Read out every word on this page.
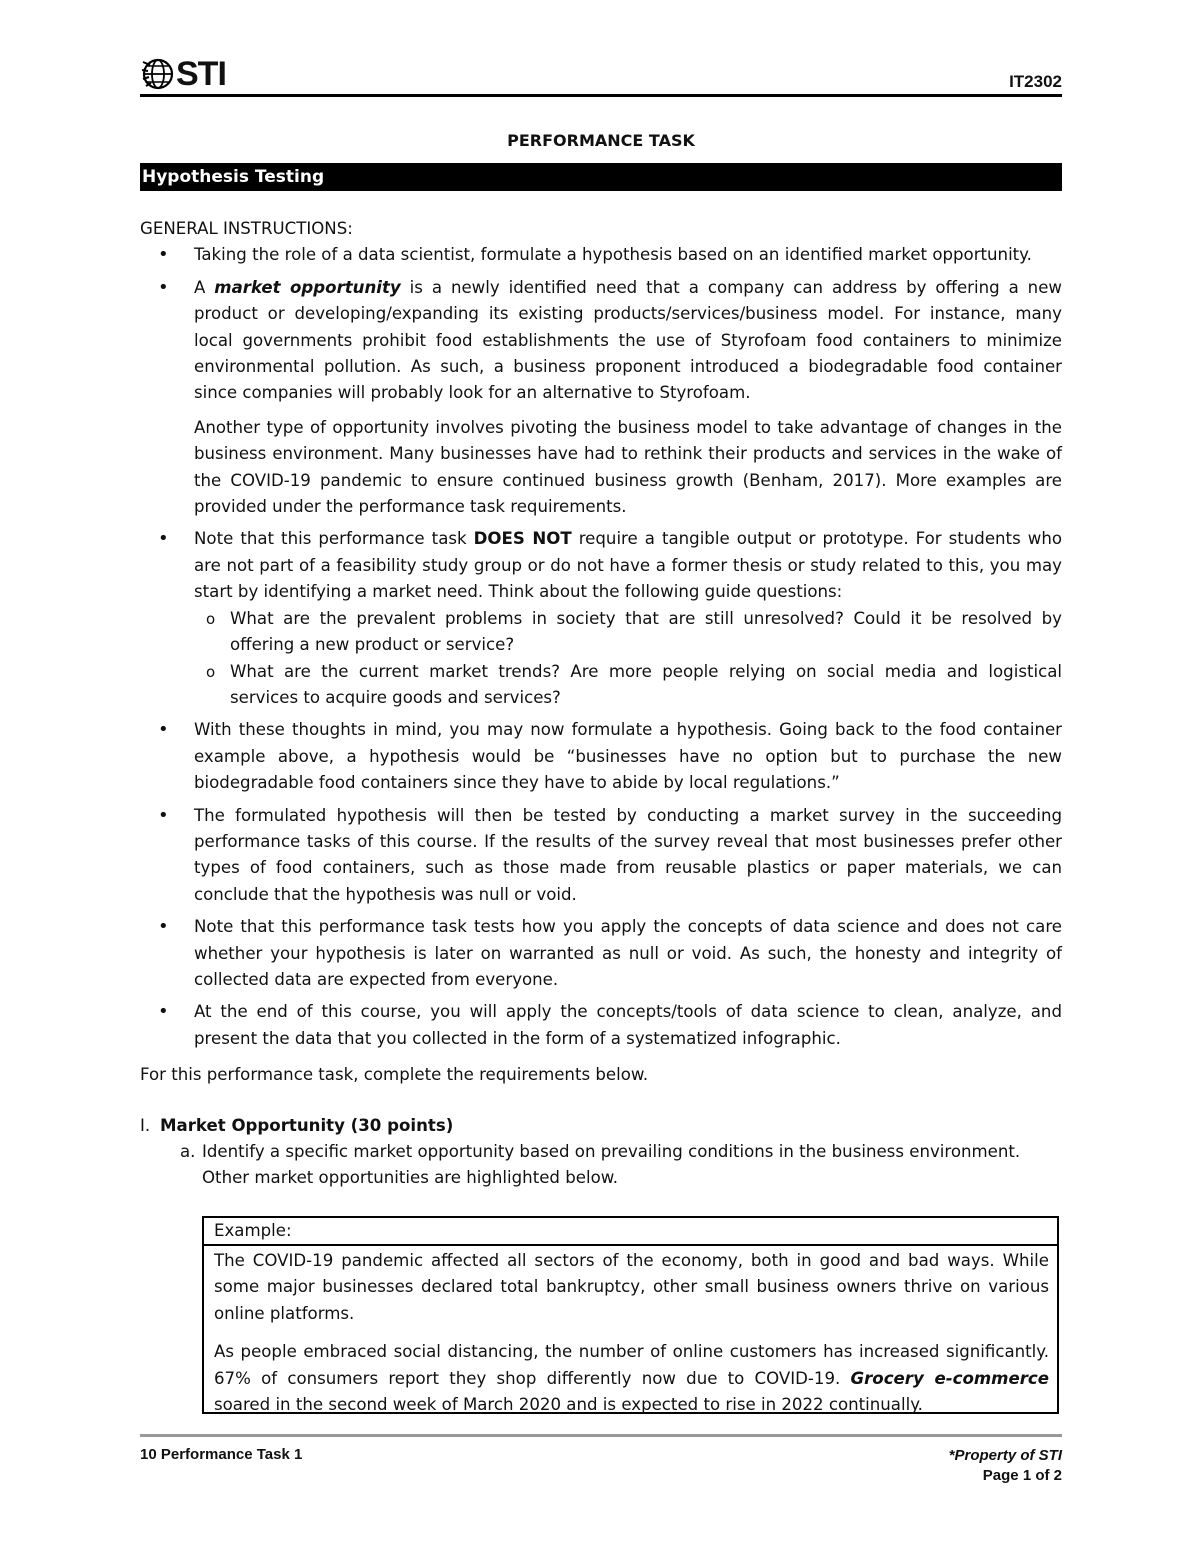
STI	IT2302
PERFORMANCE TASK
Hypothesis Testing

GENERAL INSTRUCTIONS:

• Taking the role of a data scientist, formulate a hypothesis based on an identified market opportunity.

• A market opportunity is a newly identified need that a company can address by offering a new product or developing/expanding its existing products/services/business model. For instance, many local governments prohibit food establishments the use of Styrofoam food containers to minimize environmental pollution. As such, a business proponent introduced a biodegradable food container since companies will probably look for an alternative to Styrofoam.

Another type of opportunity involves pivoting the business model to take advantage of changes in the business environment. Many businesses have had to rethink their products and services in the wake of the COVID-19 pandemic to ensure continued business growth (Benham, 2017). More examples are provided under the performance task requirements.

• Note that this performance task DOES NOT require a tangible output or prototype. For students who are not part of a feasibility study group or do not have a former thesis or study related to this, you may start by identifying a market need. Think about the following guide questions:
o What are the prevalent problems in society that are still unresolved? Could it be resolved by offering a new product or service?
o What are the current market trends? Are more people relying on social media and logistical services to acquire goods and services?
• With these thoughts in mind, you may now formulate a hypothesis. Going back to the food container example above, a hypothesis would be “businesses have no option but to purchase the new biodegradable food containers since they have to abide by local regulations.”
• The formulated hypothesis will then be tested by conducting a market survey in the succeeding performance tasks of this course. If the results of the survey reveal that most businesses prefer other types of food containers, such as those made from reusable plastics or paper materials, we can conclude that the hypothesis was null or void.
• Note that this performance task tests how you apply the concepts of data science and does not care whether your hypothesis is later on warranted as null or void. As such, the honesty and integrity of collected data are expected from everyone.
• At the end of this course, you will apply the concepts/tools of data science to clean, analyze, and present the data that you collected in the form of a systematized infographic.

For this performance task, complete the requirements below.

I. Market Opportunity (30 points)

a. Identify a specific market opportunity based on prevailing conditions in the business environment. Other market opportunities are highlighted below.

Example:

The COVID-19 pandemic affected all sectors of the economy, both in good and bad ways. While some major businesses declared total bankruptcy, other small business owners thrive on various online platforms.

As people embraced social distancing, the number of online customers has increased significantly. 67% of consumers report they shop differently now due to COVID-19. Grocery e-commerce soared in the second week of March 2020 and is expected to rise in 2022 continually.

10 Performance Task 1	*Property of STI
Page 1 of 2
